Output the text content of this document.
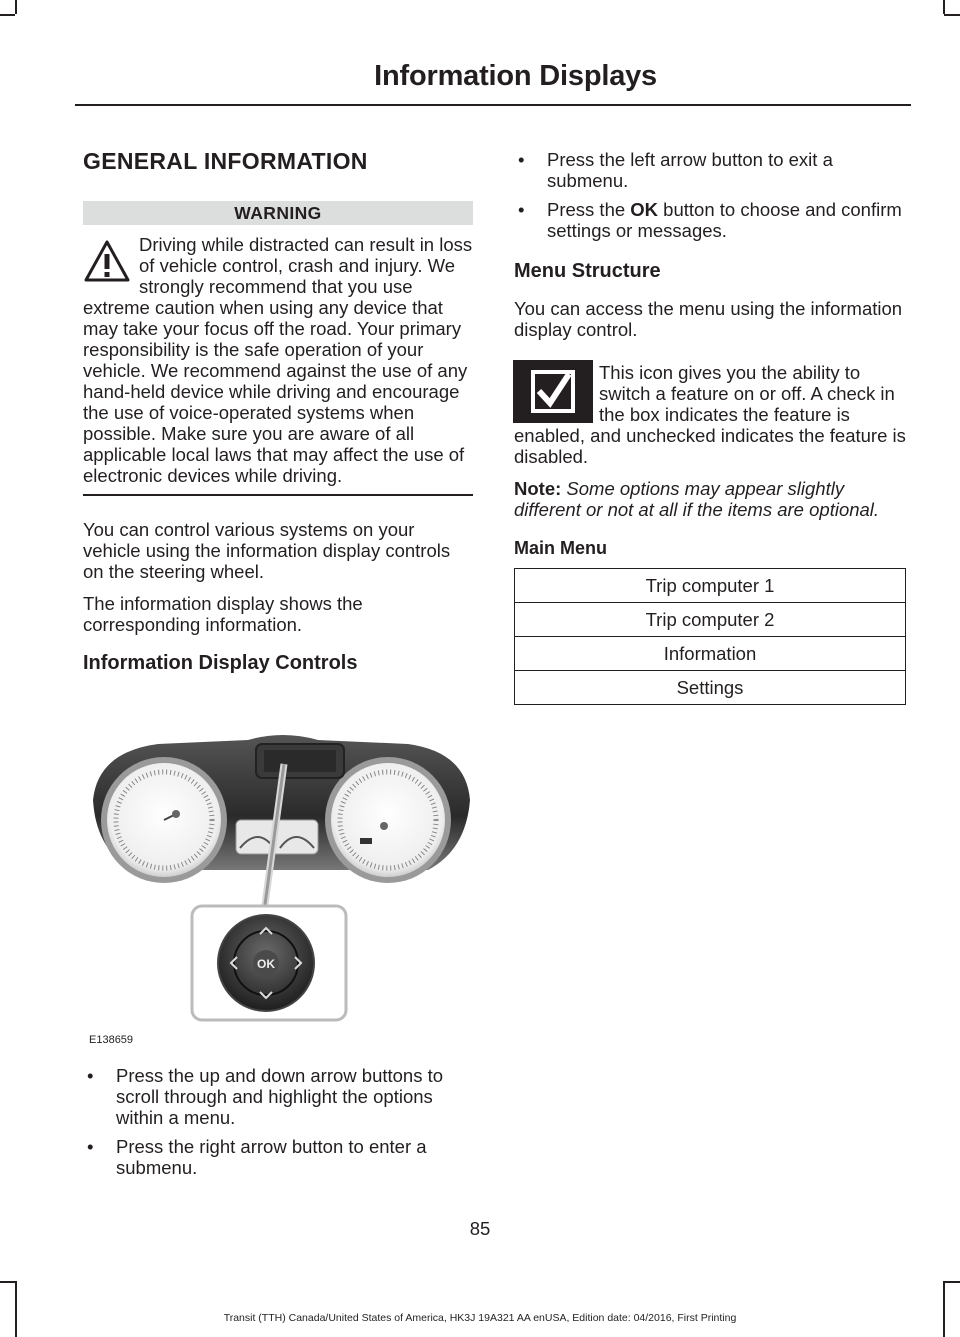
Information Displays
GENERAL INFORMATION
WARNING
Driving while distracted can result in loss of vehicle control, crash and injury. We strongly recommend that you use extreme caution when using any device that may take your focus off the road. Your primary responsibility is the safe operation of your vehicle. We recommend against the use of any hand-held device while driving and encourage the use of voice-operated systems when possible. Make sure you are aware of all applicable local laws that may affect the use of electronic devices while driving.

You can control various systems on your vehicle using the information display controls on the steering wheel.

The information display shows the corresponding information.

Information Display Controls
OK
E138659
• Press the up and down arrow buttons to scroll through and highlight the options within a menu.
• Press the right arrow button to enter a submenu.
• Press the left arrow button to exit a submenu.
• Press the OK button to choose and confirm settings or messages.
Menu Structure

You can access the menu using the information display control.

This icon gives you the ability to switch a feature on or off. A check in the box indicates the feature is enabled, and unchecked indicates the feature is disabled.

Note: Some options may appear slightly different or not at all if the items are optional.

Main Menu
Trip computer 1
Trip computer 2
Information
Settings
85
Transit (TTH) Canada/United States of America, HK3J 19A321 AA enUSA, Edition date: 04/2016, First Printing
